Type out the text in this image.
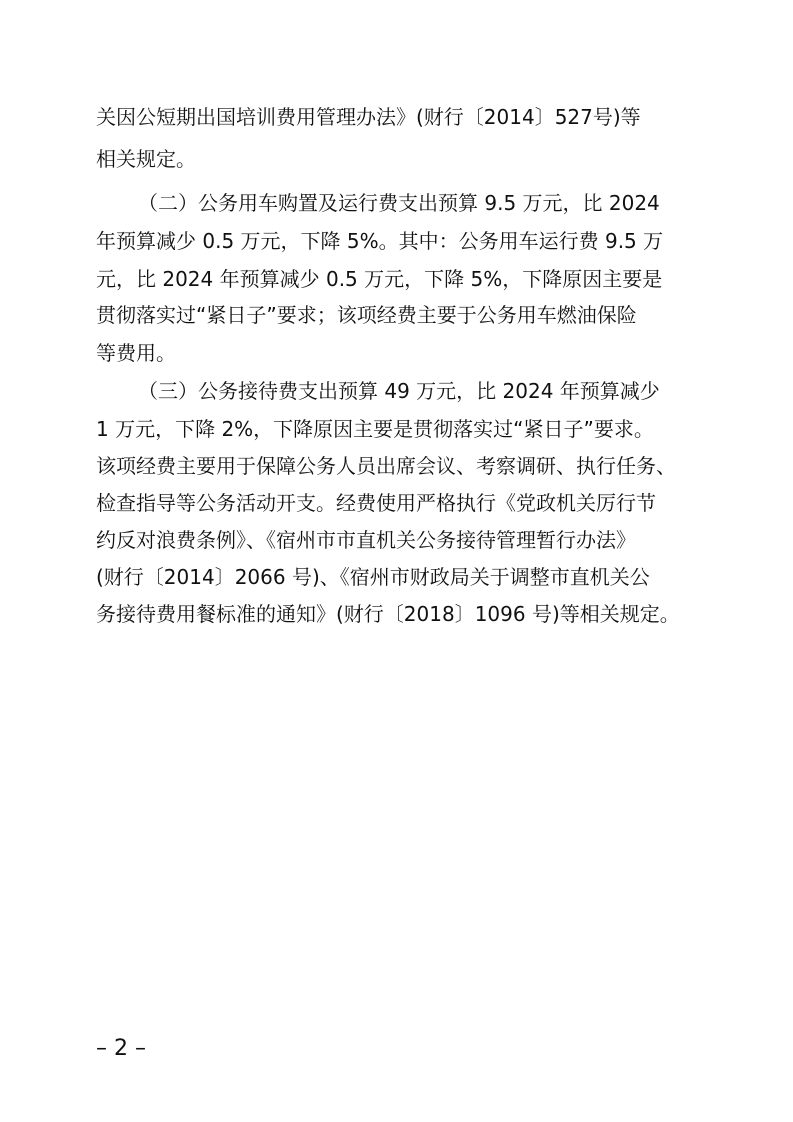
关因公短期出国培训费用管理办法》(财行〔2014〕527号)等
相关规定。
（二）公务用车购置及运行费支出预算 9.5 万元，比 2024
年预算减少 0.5 万元，下降 5%。其中：公务用车运行费 9.5 万
元，比 2024 年预算减少 0.5 万元，下降 5%，下降原因主要是
贯彻落实过“紧日子”要求；该项经费主要于公务用车燃油保险
等费用。
（三）公务接待费支出预算 49 万元，比 2024 年预算减少
1 万元，下降 2%，下降原因主要是贯彻落实过“紧日子”要求。
该项经费主要用于保障公务人员出席会议、考察调研、执行任务、
检查指导等公务活动开支。经费使用严格执行《党政机关厉行节
约反对浪费条例》、《宿州市市直机关公务接待管理暂行办法》
(财行〔2014〕2066 号)、《宿州市财政局关于调整市直机关公
务接待费用餐标准的通知》(财行〔2018〕1096 号)等相关规定。
– 2 –
